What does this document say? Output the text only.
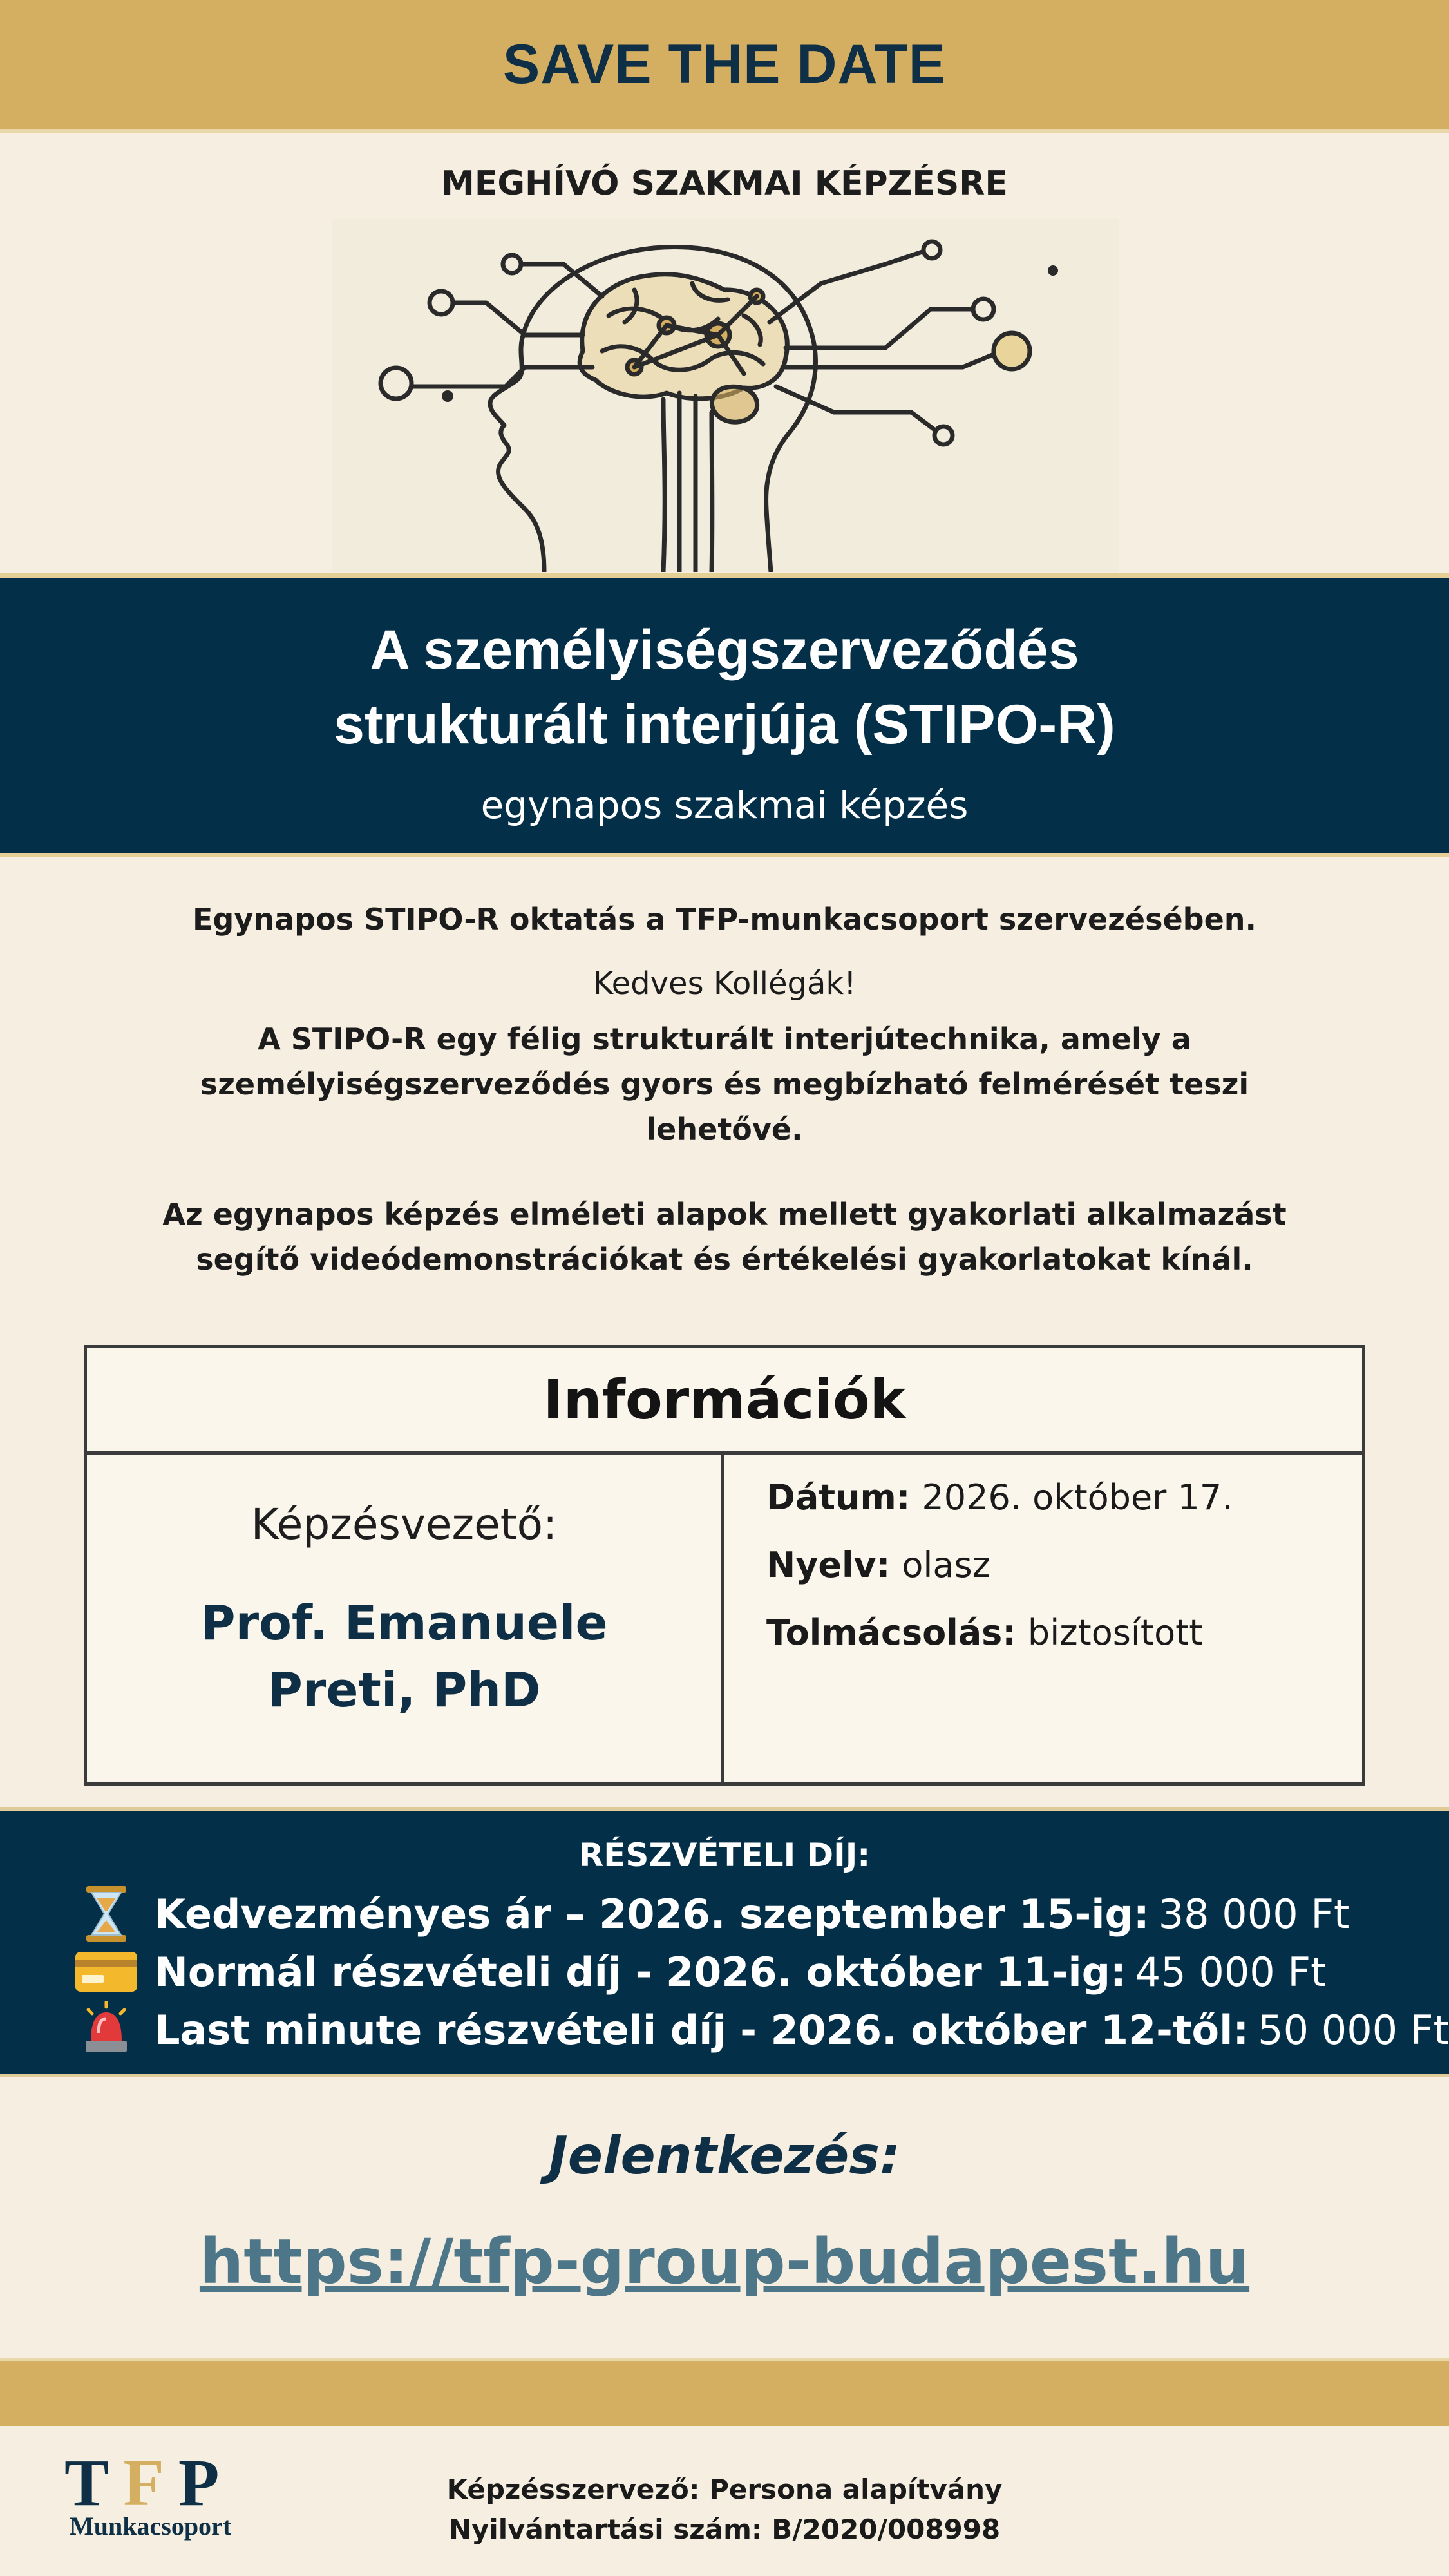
SAVE THE DATE
MEGHÍVÓ SZAKMAI KÉPZÉSRE
A személyiségszerveződés
strukturált interjúja (STIPO-R)
egynapos szakmai képzés
Egynapos STIPO-R oktatás a TFP-munkacsoport szervezésében.
Kedves Kollégák!
A STIPO-R egy félig strukturált interjútechnika, amely a
személyiségszerveződés gyors és megbízható felmérését teszi
lehetővé.
Az egynapos képzés elméleti alapok mellett gyakorlati alkalmazást
segítő videódemonstrációkat és értékelési gyakorlatokat kínál.
Információk
Képzésvezető:
Prof. Emanuele
Preti, PhD
Dátum: 2026. október 17.
Nyelv: olasz
Tolmácsolás: biztosított
RÉSZVÉTELI DÍJ:
Kedvezményes ár – 2026. szeptember 15-ig: 38 000 Ft
Normál részvételi díj - 2026. október 11-ig: 45 000 Ft
Last minute részvételi díj - 2026. október 12-től: 50 000 Ft
Jelentkezés:
https://tfp-group-budapest.hu
TFP
Munkacsoport
Képzésszervező: Persona alapítvány
Nyilvántartási szám: B/2020/008998
